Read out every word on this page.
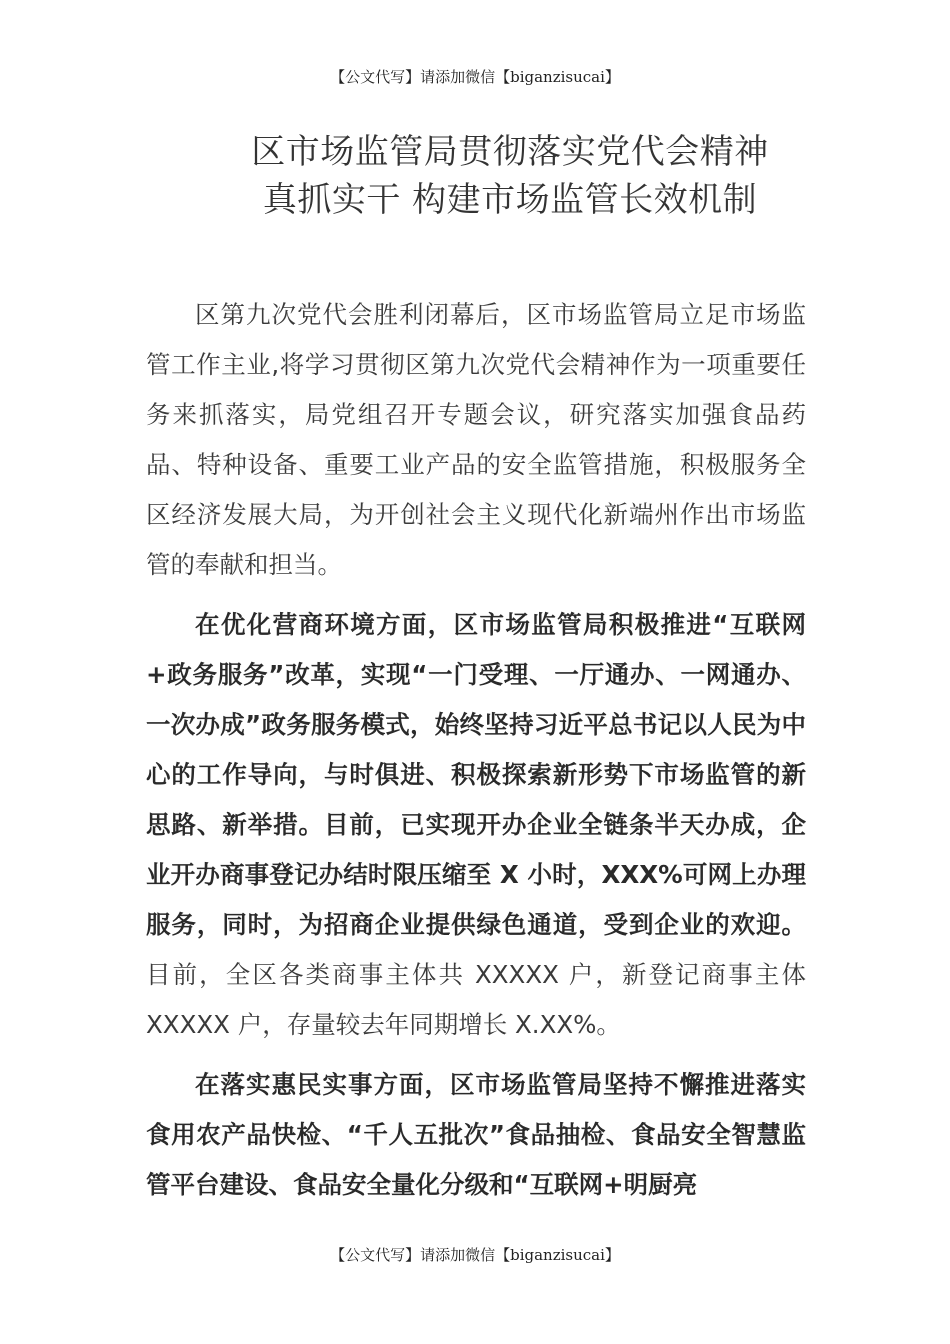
【公文代写】请添加微信【biganzisucai】
区市场监管局贯彻落实党代会精神
真抓实干 构建市场监管长效机制

区第九次党代会胜利闭幕后，区市场监管局立足市场监管工作主业,将学习贯彻区第九次党代会精神作为一项重要任务来抓落实，局党组召开专题会议，研究落实加强食品药品、特种设备、重要工业产品的安全监管措施，积极服务全区经济发展大局，为开创社会主义现代化新端州作出市场监管的奉献和担当。

在优化营商环境方面，区市场监管局积极推进“互联网+政务服务”改革，实现“一门受理、一厅通办、一网通办、一次办成”政务服务模式，始终坚持习近平总书记以人民为中心的工作导向，与时俱进、积极探索新形势下市场监管的新思路、新举措。目前，已实现开办企业全链条半天办成，企业开办商事登记办结时限压缩至 X 小时，XXX%可网上办理服务，同时，为招商企业提供绿色通道，受到企业的欢迎。目前，全区各类商事主体共 XXXXX 户，新登记商事主体 XXXXX 户，存量较去年同期增长 X.XX%。

在落实惠民实事方面，区市场监管局坚持不懈推进落实食用农产品快检、“千人五批次”食品抽检、食品安全智慧监管平台建设、食品安全量化分级和“互联网+明厨亮

【公文代写】请添加微信【biganzisucai】
